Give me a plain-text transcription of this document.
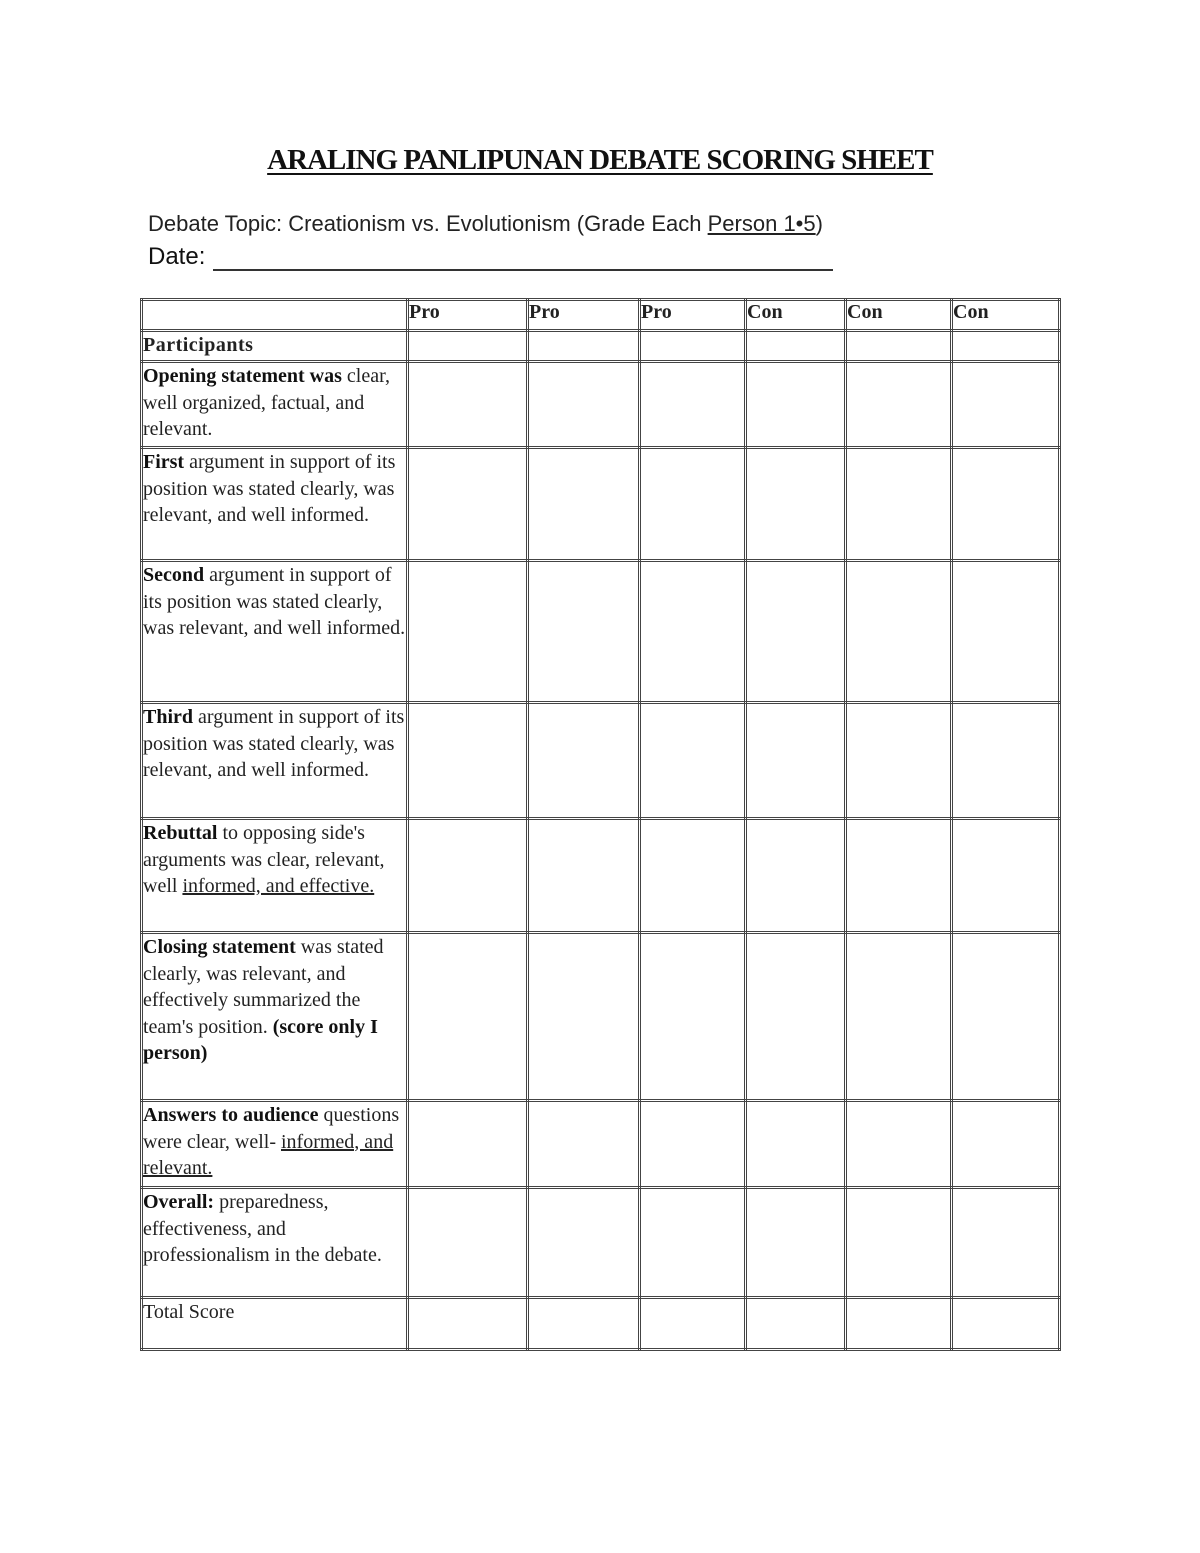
ARALING PANLIPUNAN DEBATE SCORING SHEET
Debate Topic: Creationism vs. Evolutionism (Grade Each Person 1•5)
Date:
	Pro	Pro	Pro	Con	Con	Con
Participants						
Opening statement was clear, well organized, factual, and relevant.						
First argument in support of its position was stated clearly, was relevant, and well informed.						
Second argument in support of its position was stated clearly, was relevant, and well informed.						
Third argument in support of its position was stated clearly, was relevant, and well informed.						
Rebuttal to opposing side's arguments was clear, relevant, well informed, and effective.						
Closing statement was stated clearly, was relevant, and effectively summarized the team's position. (score only I person)						
Answers to audience questions were clear, well- informed, and relevant.						
Overall: preparedness, effectiveness, and professionalism in the debate.						
Total Score						
